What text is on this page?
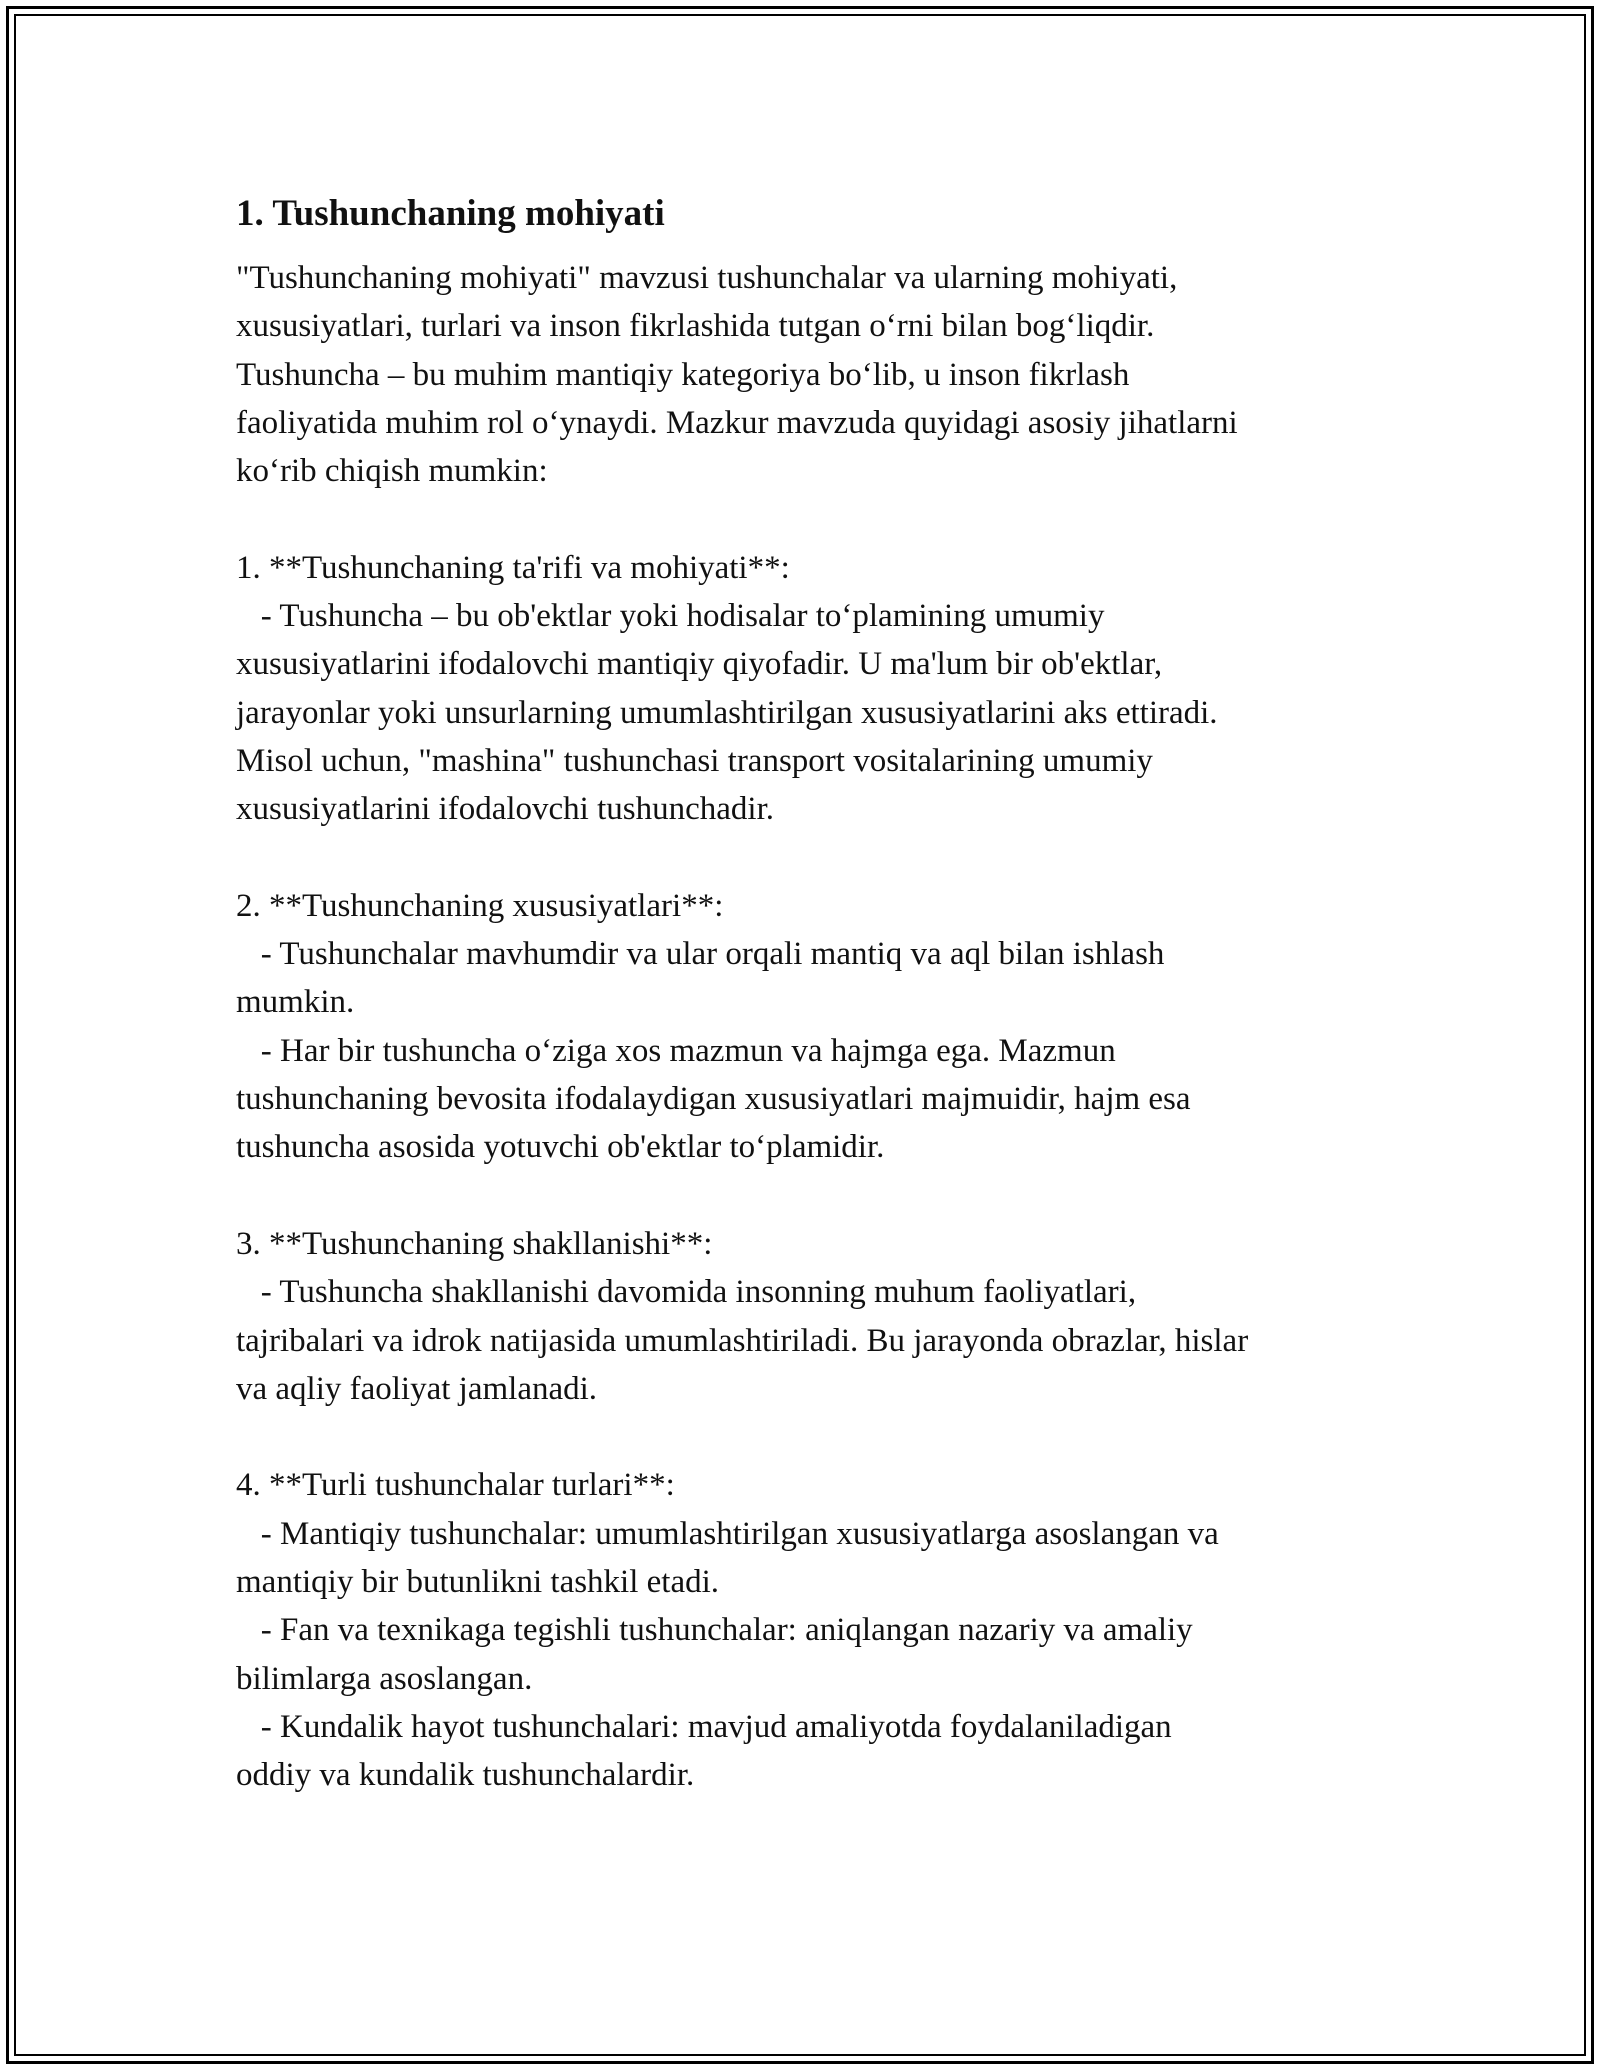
1. Tushunchaning mohiyati
"Tushunchaning mohiyati" mavzusi tushunchalar va ularning mohiyati,
xususiyatlari, turlari va inson fikrlashida tutgan o‘rni bilan bog‘liqdir.
Tushuncha – bu muhim mantiqiy kategoriya bo‘lib, u inson fikrlash
faoliyatida muhim rol o‘ynaydi. Mazkur mavzuda quyidagi asosiy jihatlarni
ko‘rib chiqish mumkin:
1. **Tushunchaning ta'rifi va mohiyati**:
- Tushuncha – bu ob'ektlar yoki hodisalar to‘plamining umumiy
xususiyatlarini ifodalovchi mantiqiy qiyofadir. U ma'lum bir ob'ektlar,
jarayonlar yoki unsurlarning umumlashtirilgan xususiyatlarini aks ettiradi.
Misol uchun, "mashina" tushunchasi transport vositalarining umumiy
xususiyatlarini ifodalovchi tushunchadir.
2. **Tushunchaning xususiyatlari**:
- Tushunchalar mavhumdir va ular orqali mantiq va aql bilan ishlash
mumkin.
- Har bir tushuncha o‘ziga xos mazmun va hajmga ega. Mazmun
tushunchaning bevosita ifodalaydigan xususiyatlari majmuidir, hajm esa
tushuncha asosida yotuvchi ob'ektlar to‘plamidir.
3. **Tushunchaning shakllanishi**:
- Tushuncha shakllanishi davomida insonning muhum faoliyatlari,
tajribalari va idrok natijasida umumlashtiriladi. Bu jarayonda obrazlar, hislar
va aqliy faoliyat jamlanadi.
4. **Turli tushunchalar turlari**:
- Mantiqiy tushunchalar: umumlashtirilgan xususiyatlarga asoslangan va
mantiqiy bir butunlikni tashkil etadi.
- Fan va texnikaga tegishli tushunchalar: aniqlangan nazariy va amaliy
bilimlarga asoslangan.
- Kundalik hayot tushunchalari: mavjud amaliyotda foydalaniladigan
oddiy va kundalik tushunchalardir.
